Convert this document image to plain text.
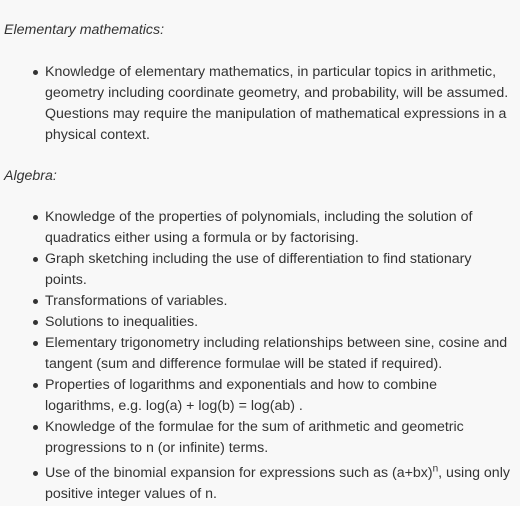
Elementary mathematics:

Knowledge of elementary mathematics, in particular topics in arithmetic, geometry including coordinate geometry, and probability, will be assumed. Questions may require the manipulation of mathematical expressions in a physical context.

Algebra:

Knowledge of the properties of polynomials, including the solution of quadratics either using a formula or by factorising.
Graph sketching including the use of differentiation to find stationary points.
Transformations of variables.
Solutions to inequalities.
Elementary trigonometry including relationships between sine, cosine and tangent (sum and difference formulae will be stated if required).
Properties of logarithms and exponentials and how to combine logarithms, e.g. log(a) + log(b) = log(ab) .
Knowledge of the formulae for the sum of arithmetic and geometric progressions to n (or infinite) terms.
Use of the binomial expansion for expressions such as $(a+bx)^n$, using only positive integer values of n.
